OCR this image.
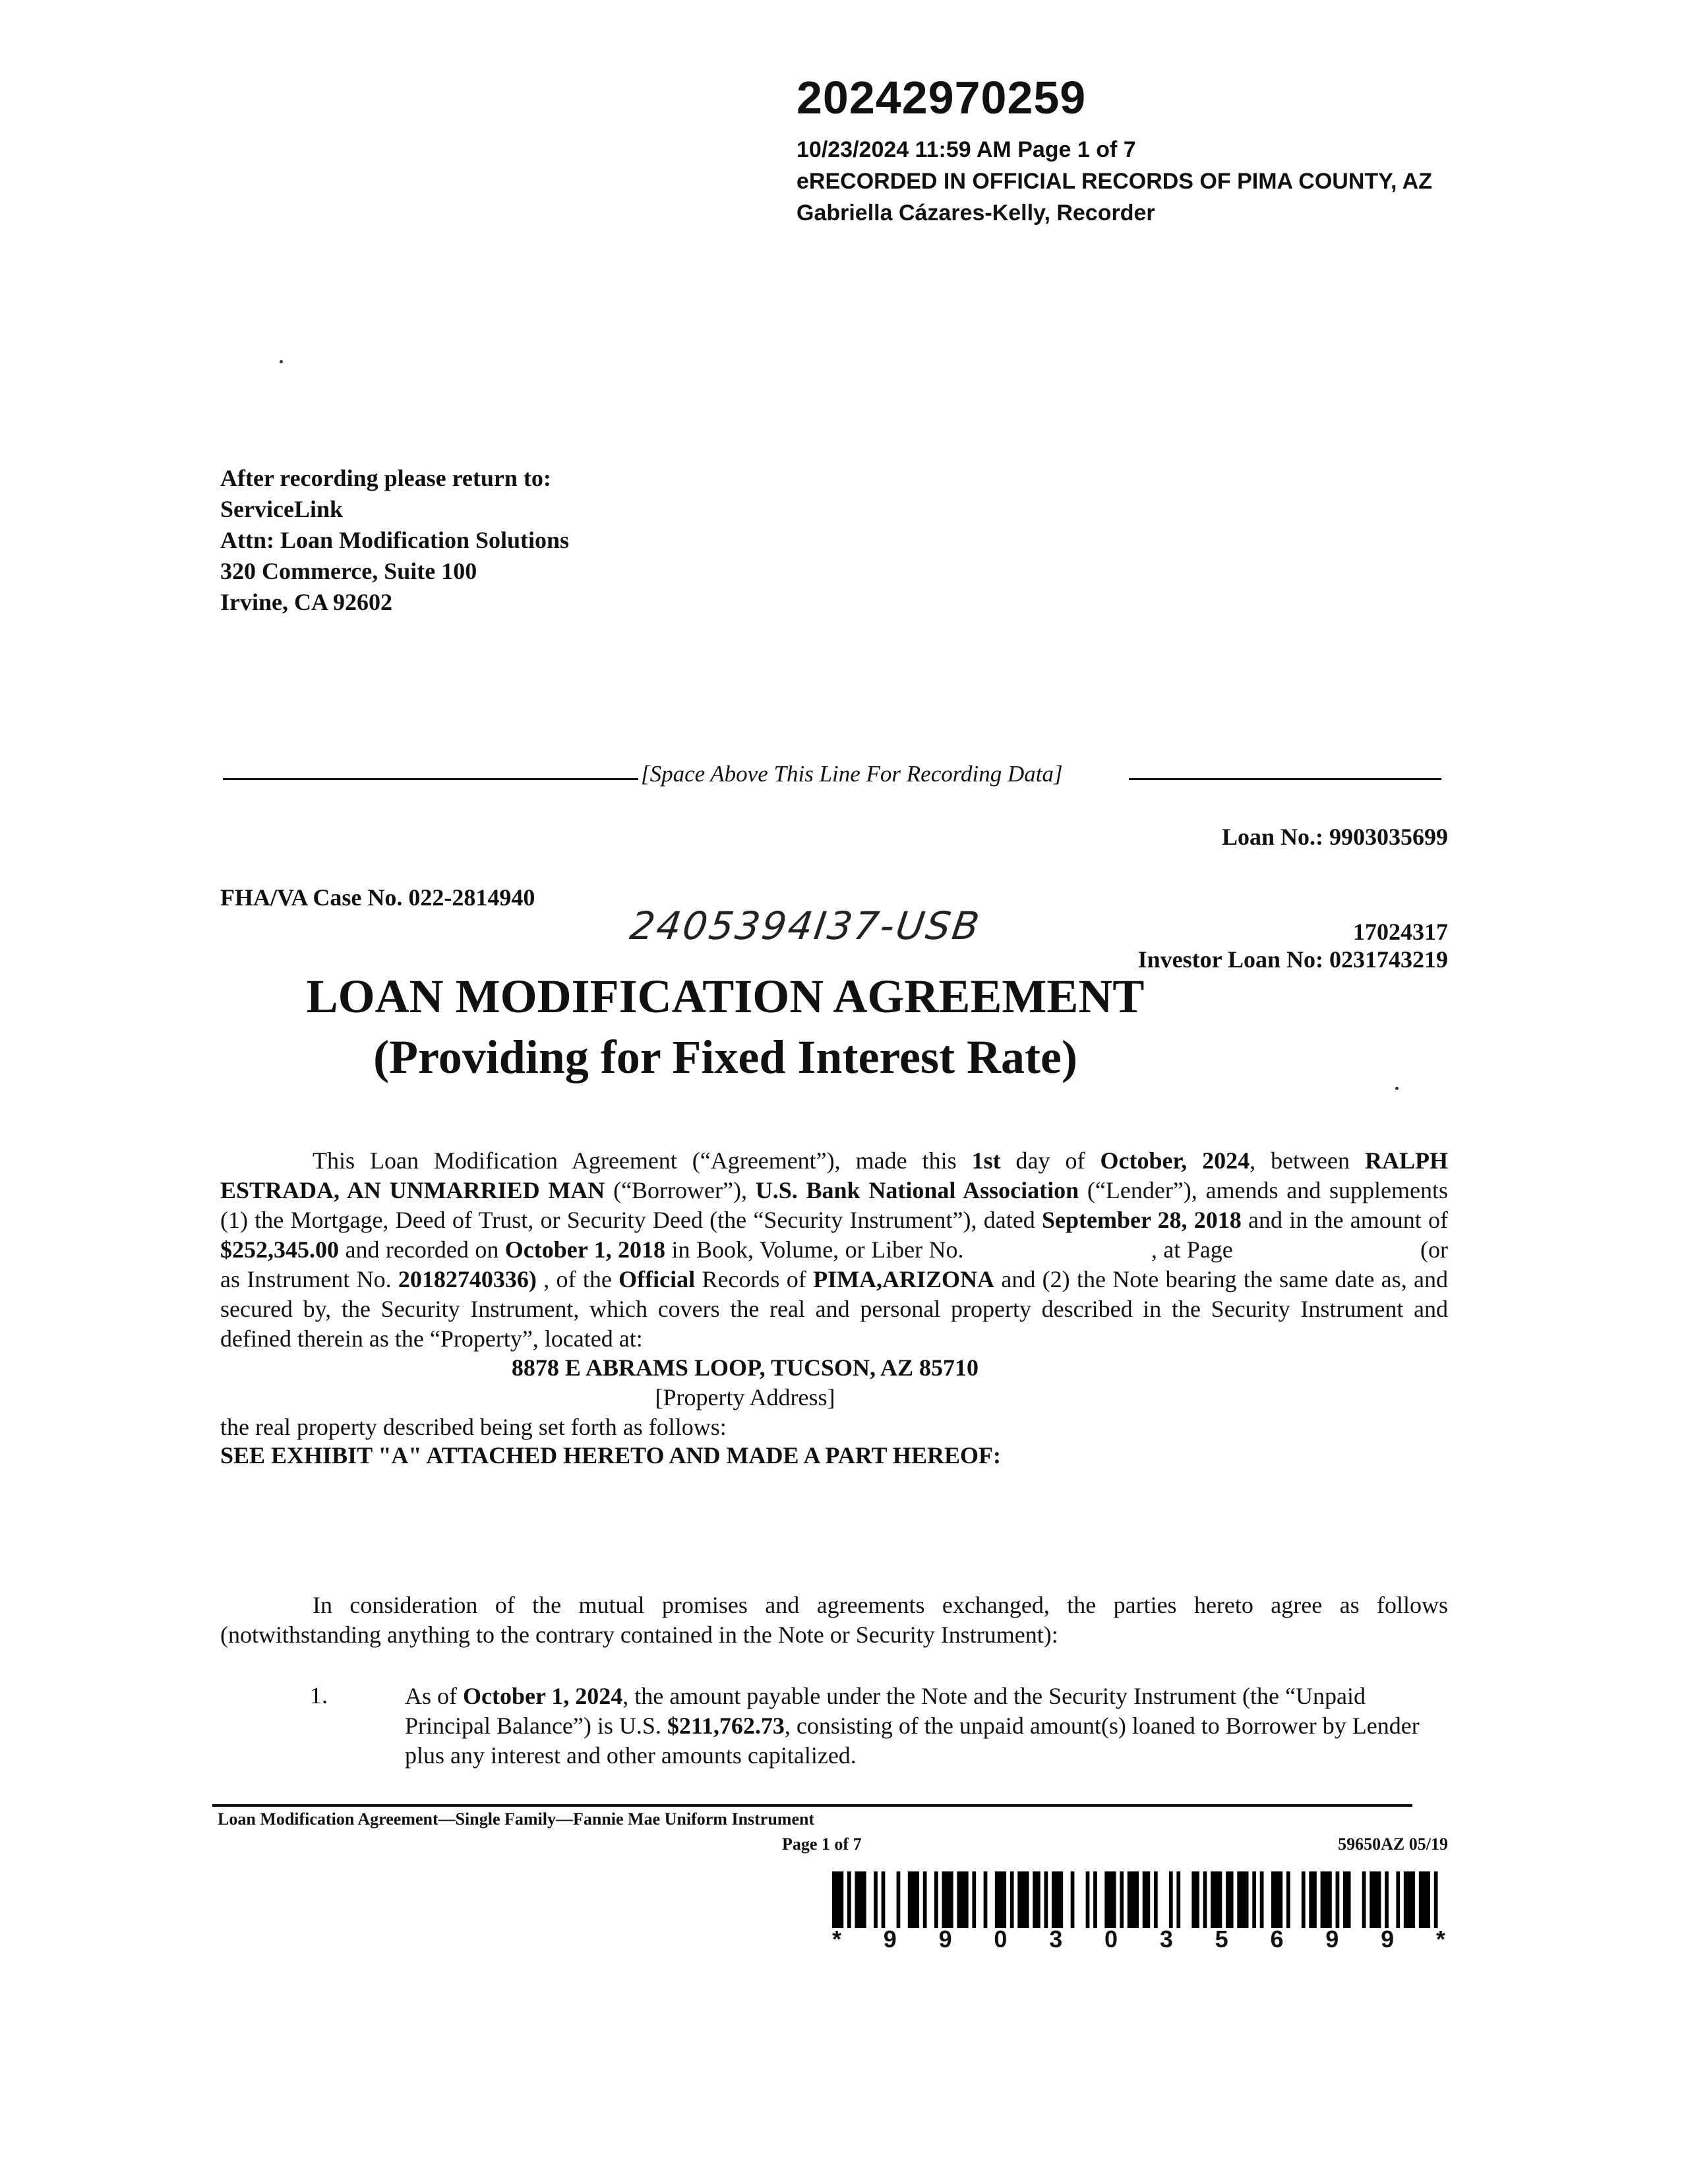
20242970259
10/23/2024 11:59 AM Page 1 of 7
eRECORDED IN OFFICIAL RECORDS OF PIMA COUNTY, AZ
Gabriella Cázares-Kelly, Recorder
After recording please return to:
ServiceLink
Attn: Loan Modification Solutions
320 Commerce, Suite 100
Irvine, CA 92602
[Space Above This Line For Recording Data]
Loan No.: 9903035699
FHA/VA Case No. 022-2814940
2405394I37-USB	17024317
Investor Loan No: 0231743219
LOAN MODIFICATION AGREEMENT
(Providing for Fixed Interest Rate)
This Loan Modification Agreement (“Agreement”), made this 1st day of October, 2024, between RALPH ESTRADA, AN UNMARRIED MAN (“Borrower”), U.S. Bank National Association (“Lender”), amends and supplements (1) the Mortgage, Deed of Trust, or Security Deed (the “Security Instrument”), dated September 28, 2018 and in the amount of $252,345.00 and recorded on October 1, 2018 in Book, Volume, or Liber No.                              , at Page                              (or as Instrument No. 20182740336) , of the Official Records of PIMA,ARIZONA and (2) the Note bearing the same date as, and secured by, the Security Instrument, which covers the real and personal property described in the Security Instrument and defined therein as the “Property”, located at:
8878 E ABRAMS LOOP, TUCSON, AZ 85710
[Property Address]
the real property described being set forth as follows:
SEE EXHIBIT "A" ATTACHED HERETO AND MADE A PART HEREOF:
In consideration of the mutual promises and agreements exchanged, the parties hereto agree as follows (notwithstanding anything to the contrary contained in the Note or Security Instrument):
1.	As of October 1, 2024, the amount payable under the Note and the Security Instrument (the “Unpaid Principal Balance”) is U.S. $211,762.73, consisting of the unpaid amount(s) loaned to Borrower by Lender plus any interest and other amounts capitalized.
Loan Modification Agreement—Single Family—Fannie Mae Uniform Instrument
Page 1 of 7	59650AZ 05/19
* 9 9 0 3 0 3 5 6 9 9 *
